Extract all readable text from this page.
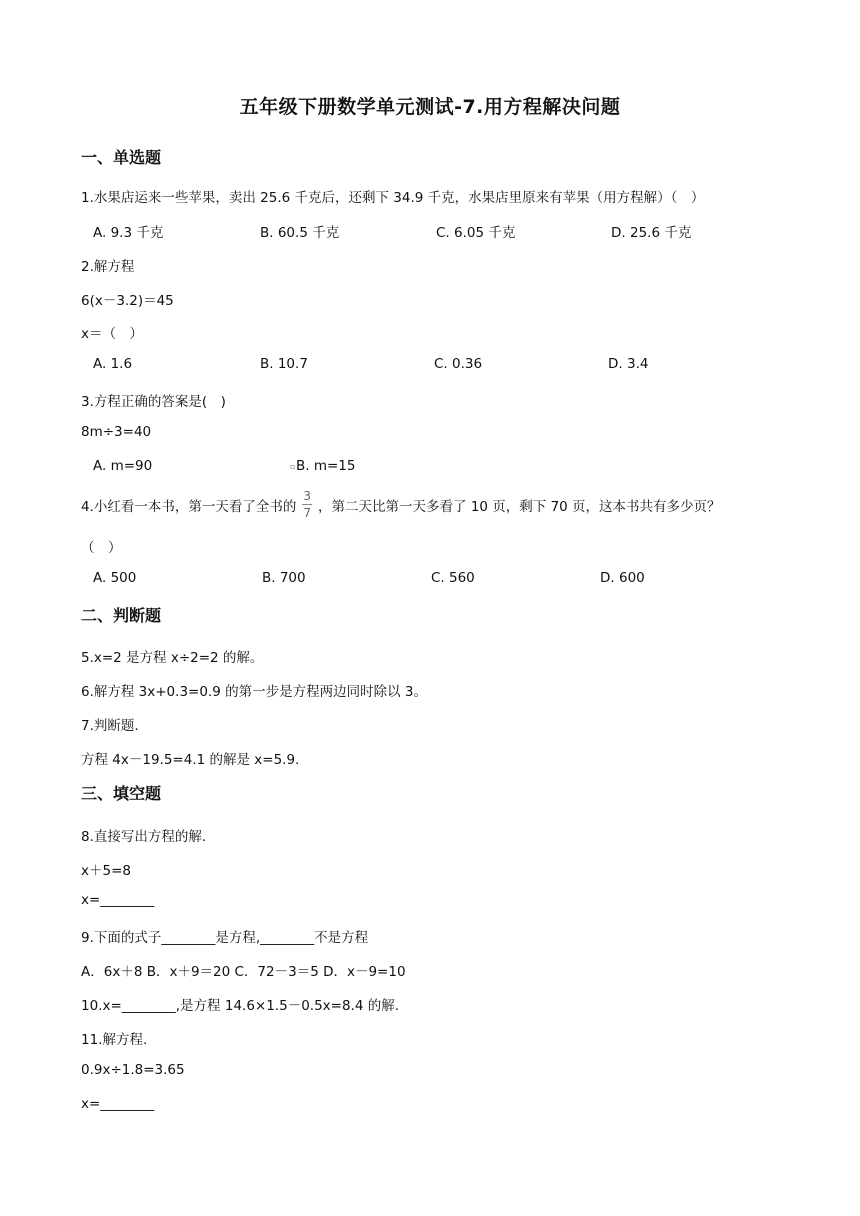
五年级下册数学单元测试-7.用方程解决问题
一、单选题
1.水果店运来一些苹果，卖出 25.6 千克后，还剩下 34.9 千克，水果店里原来有苹果（用方程解）（　）
A. 9.3 千克	B. 60.5 千克	C. 6.05 千克	D. 25.6 千克
2.解方程
6(x－3.2)＝45
x＝（　）
A. 1.6	B. 10.7	C. 0.36	D. 3.4
3.方程正确的答案是(　)
8m÷3=40
A. m=90	▫ B. m=15
4.小红看一本书，第一天看了全书的 $\frac{3}{7}$ ，第二天比第一天多看了 10 页，剩下 70 页，这本书共有多少页？
（　）
A. 500	B. 700	C. 560	D. 600
二、判断题
5.x=2 是方程 x÷2=2 的解。
6.解方程 3x+0.3=0.9 的第一步是方程两边同时除以 3。
7.判断题.
方程 4x－19.5=4.1 的解是 x=5.9.
三、填空题
8.直接写出方程的解.
x＋5=8
x=________
9.下面的式子________是方程,________不是方程
A．6x＋8 B．x＋9＝20 C．72－3＝5 D．x－9=10
10.x=________,是方程 14.6×1.5－0.5x=8.4 的解.
11.解方程.
0.9x÷1.8=3.65
x=________
